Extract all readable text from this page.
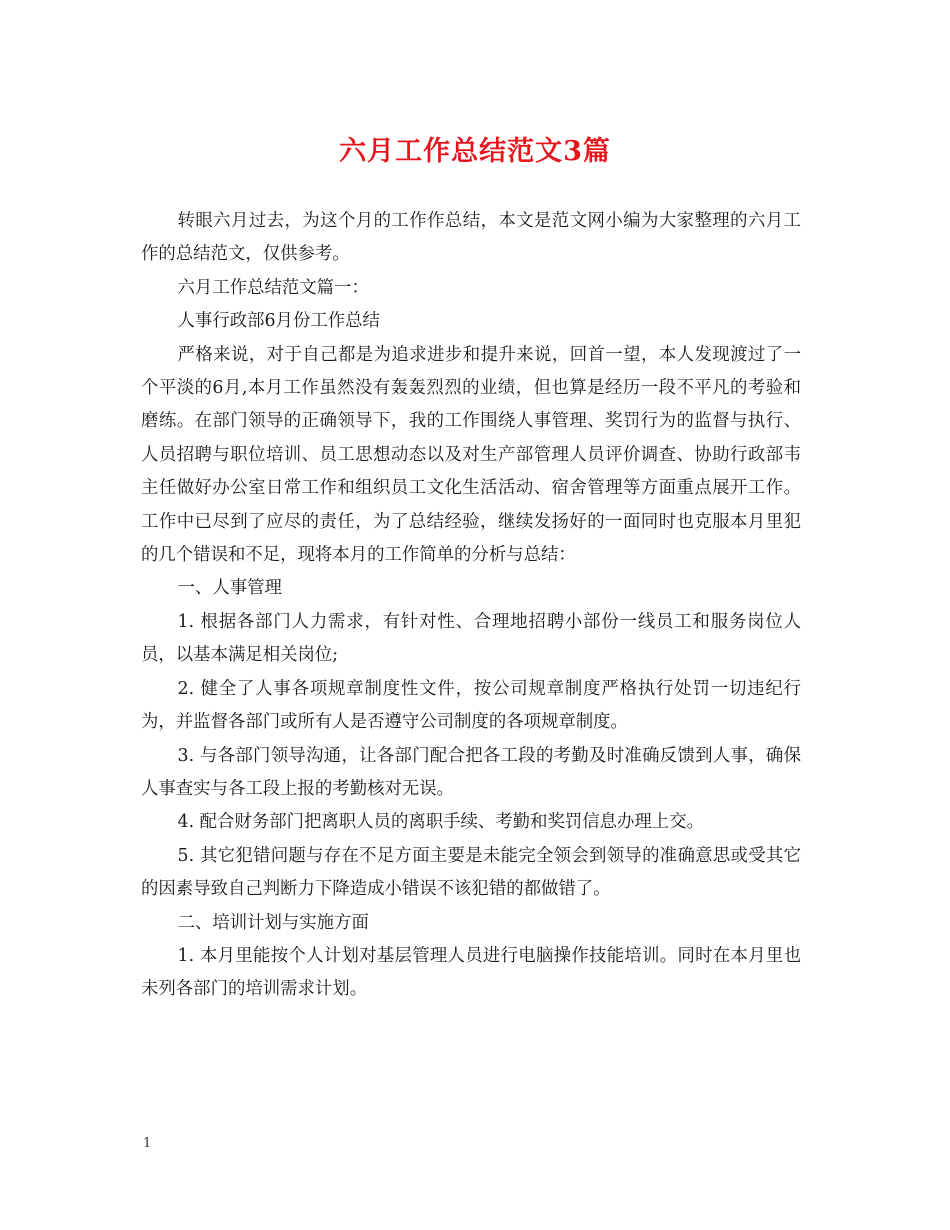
六月工作总结范文3篇

转眼六月过去，为这个月的工作作总结，本文是范文网小编为大家整理的六月工作的总结范文，仅供参考。

六月工作总结范文篇一：

人事行政部6月份工作总结

严格来说，对于自己都是为追求进步和提升来说，回首一望，本人发现渡过了一个平淡的6月,本月工作虽然没有轰轰烈烈的业绩，但也算是经历一段不平凡的考验和磨练。在部门领导的正确领导下，我的工作围绕人事管理、奖罚行为的监督与执行、人员招聘与职位培训、员工思想动态以及对生产部管理人员评价调查、协助行政部韦主任做好办公室日常工作和组织员工文化生活活动、宿舍管理等方面重点展开工作。工作中已尽到了应尽的责任，为了总结经验，继续发扬好的一面同时也克服本月里犯的几个错误和不足，现将本月的工作简单的分析与总结：

一、人事管理

1. 根据各部门人力需求，有针对性、合理地招聘小部份一线员工和服务岗位人员，以基本满足相关岗位;

2. 健全了人事各项规章制度性文件，按公司规章制度严格执行处罚一切违纪行为，并监督各部门或所有人是否遵守公司制度的各项规章制度。

3. 与各部门领导沟通，让各部门配合把各工段的考勤及时准确反馈到人事，确保人事查实与各工段上报的考勤核对无误。

4. 配合财务部门把离职人员的离职手续、考勤和奖罚信息办理上交。

5. 其它犯错问题与存在不足方面主要是未能完全领会到领导的准确意思或受其它的因素导致自己判断力下降造成小错误不该犯错的都做错了。

二、培训计划与实施方面

1. 本月里能按个人计划对基层管理人员进行电脑操作技能培训。同时在本月里也未列各部门的培训需求计划。

1
